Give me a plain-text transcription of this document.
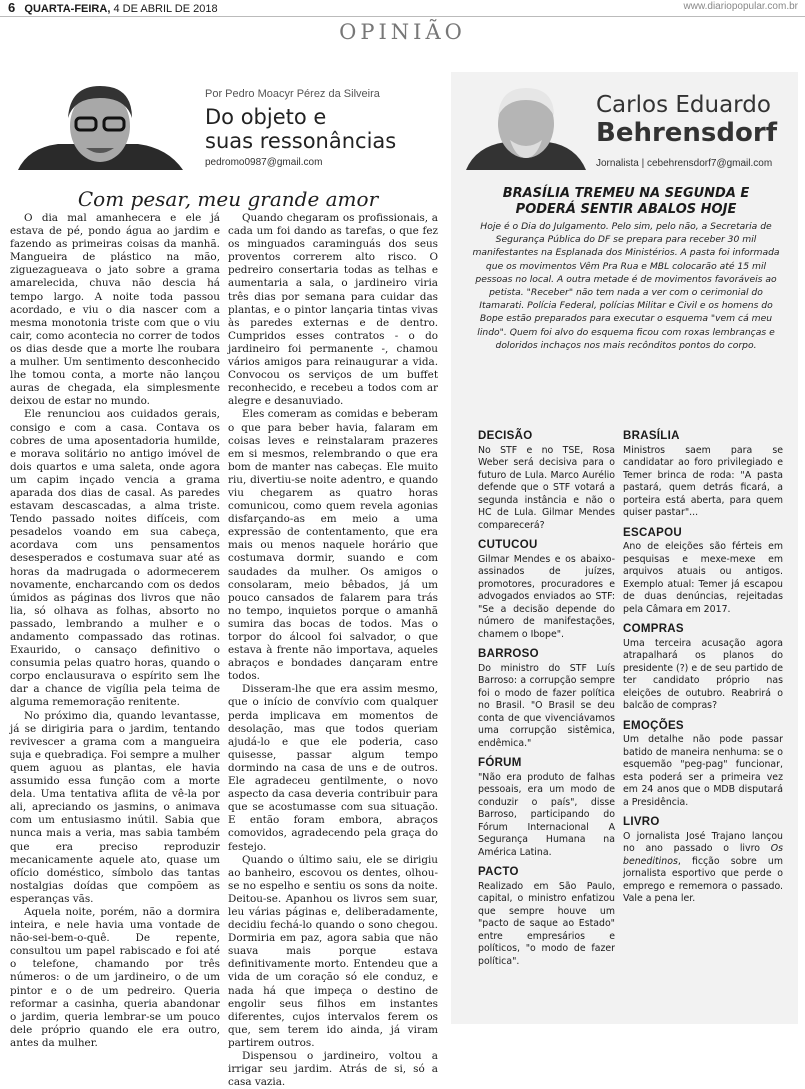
6 QUARTA-FEIRA, 4 DE ABRIL DE 2018	www.diariopopular.com.br
OPINIÃO
Por Pedro Moacyr Pérez da Silveira
Do objeto e
suas ressonâncias
pedromo0987@gmail.com
Com pesar, meu grande amor

O dia mal amanhecera e ele já estava de pé, pondo água ao jardim e fazendo as primeiras coisas da manhã. Mangueira de plástico na mão, ziguezagueava o jato sobre a grama amarelecida, chuva não descia há tempo largo. A noite toda passou acordado, e viu o dia nascer com a mesma monotonia triste com que o viu cair, como acontecia no correr de todos os dias desde que a morte lhe roubara a mulher. Um sentimento desconhecido lhe tomou conta, a morte não lançou auras de chegada, ela simplesmente deixou de estar no mundo.

Ele renunciou aos cuidados gerais, consigo e com a casa. Contava os cobres de uma aposentadoria humilde, e morava solitário no antigo imóvel de dois quartos e uma saleta, onde agora um capim inçado vencia a grama aparada dos dias de casal. As paredes estavam descascadas, a alma triste. Tendo passado noites difíceis, com pesadelos voando em sua cabeça, acordava com uns pensamentos desesperados e costumava suar até as horas da madrugada o adormecerem novamente, encharcando com os dedos úmidos as páginas dos livros que não lia, só olhava as folhas, absorto no passado, lembrando a mulher e o andamento compassado das rotinas. Exaurido, o cansaço definitivo o consumia pelas quatro horas, quando o corpo enclausurava o espírito sem lhe dar a chance de vigília pela teima de alguma rememoração renitente.

No próximo dia, quando levantasse, já se dirigiria para o jardim, tentando revivescer a grama com a mangueira suja e quebradiça. Foi sempre a mulher quem aguou as plantas, ele havia assumido essa função com a morte dela. Uma tentativa aflita de vê-la por ali, apreciando os jasmins, o animava com um entusiasmo inútil. Sabia que nunca mais a veria, mas sabia também que era preciso reproduzir mecanicamente aquele ato, quase um ofício doméstico, símbolo das tantas nostalgias doídas que compõem as esperanças vãs.

Aquela noite, porém, não a dormira inteira, e nele havia uma vontade de não-sei-bem-o-quê. De repente, consultou um papel rabiscado e foi até o telefone, chamando por três números: o de um jardineiro, o de um pintor e o de um pedreiro. Queria reformar a casinha, queria abandonar o jardim, queria lembrar-se um pouco dele próprio quando ele era outro, antes da mulher.

Quando chegaram os profissionais, a cada um foi dando as tarefas, o que fez os minguados caraminguás dos seus proventos correrem alto risco. O pedreiro consertaria todas as telhas e aumentaria a sala, o jardineiro viria três dias por semana para cuidar das plantas, e o pintor lançaria tintas vivas às paredes externas e de dentro. Cumpridos esses contratos - o do jardineiro foi permanente -, chamou vários amigos para reinaugurar a vida. Convocou os serviços de um buffet reconhecido, e recebeu a todos com ar alegre e desanuviado.

Eles comeram as comidas e beberam o que para beber havia, falaram em coisas leves e reinstalaram prazeres em si mesmos, relembrando o que era bom de manter nas cabeças. Ele muito riu, divertiu-se noite adentro, e quando viu chegarem as quatro horas comunicou, como quem revela agonias disfarçando-as em meio a uma expressão de contentamento, que era mais ou menos naquele horário que costumava dormir, suando e com saudades da mulher. Os amigos o consolaram, meio bêbados, já um pouco cansados de falarem para trás no tempo, inquietos porque o amanhã sumira das bocas de todos. Mas o torpor do álcool foi salvador, o que estava à frente não importava, aqueles abraços e bondades dançaram entre todos.

Disseram-lhe que era assim mesmo, que o início de convívio com qualquer perda implicava em momentos de desolação, mas que todos queriam ajudá-lo e que ele poderia, caso quisesse, passar algum tempo dormindo na casa de uns e de outros. Ele agradeceu gentilmente, o novo aspecto da casa deveria contribuir para que se acostumasse com sua situação. E então foram embora, abraços comovidos, agradecendo pela graça do festejo.

Quando o último saiu, ele se dirigiu ao banheiro, escovou os dentes, olhou-se no espelho e sentiu os sons da noite. Deitou-se. Apanhou os livros sem suar, leu várias páginas e, deliberadamente, decidiu fechá-lo quando o sono chegou. Dormiria em paz, agora sabia que não suava mais porque estava definitivamente morto. Entendeu que a vida de um coração só ele conduz, e nada há que impeça o destino de engolir seus filhos em instantes diferentes, cujos intervalos ferem os que, sem terem ido ainda, já viram partirem outros.

Dispensou o jardineiro, voltou a irrigar seu jardim. Atrás de si, só a casa vazia.

Carlos Eduardo
Behrensdorf
Jornalista | cebehrensdorf7@gmail.com
BRASÍLIA TREMEU NA SEGUNDA E
PODERÁ SENTIR ABALOS HOJE
Hoje é o Dia do Julgamento. Pelo sim, pelo não, a Secretaria de Segurança Pública do DF se prepara para receber 30 mil manifestantes na Esplanada dos Ministérios. A pasta foi informada que os movimentos Vêm Pra Rua e MBL colocarão até 15 mil pessoas no local. A outra metade é de movimentos favoráveis ao petista. "Receber" não tem nada a ver com o cerimonial do Itamarati. Polícia Federal, polícias Militar e Civil e os homens do Bope estão preparados para executar o esquema "vem cá meu lindo". Quem foi alvo do esquema ficou com roxas lembranças e doloridos inchaços nos mais recônditos pontos do corpo.
DECISÃO

No STF e no TSE, Rosa Weber será decisiva para o futuro de Lula. Marco Aurélio defende que o STF votará a segunda instância e não o HC de Lula. Gilmar Mendes comparecerá?

CUTUCOU

Gilmar Mendes e os abaixo-assinados de juízes, promotores, procuradores e advogados enviados ao STF: "Se a decisão depende do número de manifestações, chamem o Ibope".

BARROSO

Do ministro do STF Luís Barroso: a corrupção sempre foi o modo de fazer política no Brasil. "O Brasil se deu conta de que vivenciávamos uma corrupção sistêmica, endêmica."

FÓRUM

"Não era produto de falhas pessoais, era um modo de conduzir o país", disse Barroso, participando do Fórum Internacional A Segurança Humana na América Latina.

PACTO

Realizado em São Paulo, capital, o ministro enfatizou que sempre houve um "pacto de saque ao Estado" entre empresários e políticos, "o modo de fazer política".

BRASÍLIA

Ministros saem para se candidatar ao foro privilegiado e Temer brinca de roda: "A pasta pastará, quem detrás ficará, a porteira está aberta, para quem quiser pastar"...

ESCAPOU

Ano de eleições são férteis em pesquisas e mexe-mexe em arquivos atuais ou antigos. Exemplo atual: Temer já escapou de duas denúncias, rejeitadas pela Câmara em 2017.

COMPRAS

Uma terceira acusação agora atrapalhará os planos do presidente (?) e de seu partido de ter candidato próprio nas eleições de outubro. Reabrirá o balcão de compras?

EMOÇÕES

Um detalhe não pode passar batido de maneira nenhuma: se o esquemão "peg-pag" funcionar, esta poderá ser a primeira vez em 24 anos que o MDB disputará a Presidência.

LIVRO

O jornalista José Trajano lançou no ano passado o livro Os beneditinos, ficção sobre um jornalista esportivo que perde o emprego e rememora o passado. Vale a pena ler.
